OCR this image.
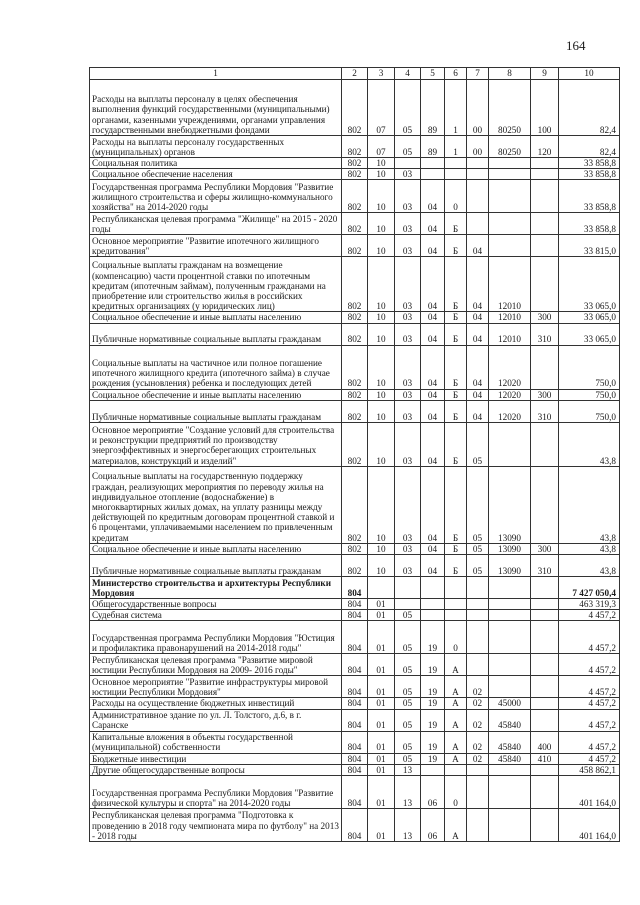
164
1	2	3	4	5	6	7	8	9	10
Расходы на выплаты персоналу в целях обеспечения выполнения функций государственными (муниципальными) органами, казенными учреждениями, органами управления государственными внебюджетными фондами	802	07	05	89	1	00	80250	100	82,4
Расходы на выплаты персоналу государственных (муниципальных) органов	802	07	05	89	1	00	80250	120	82,4
Социальная политика	802	10							33 858,8
Социальное обеспечение населения	802	10	03						33 858,8
Государственная программа Республики Мордовия "Развитие жилищного строительства и сферы жилищно-коммунального хозяйства" на 2014-2020 годы	802	10	03	04	0				33 858,8
Республиканская целевая программа "Жилище" на 2015 - 2020 годы	802	10	03	04	Б				33 858,8
Основное мероприятие "Развитие ипотечного жилищного кредитования"	802	10	03	04	Б	04			33 815,0
Социальные выплаты гражданам на возмещение (компенсацию) части процентной ставки по ипотечным кредитам (ипотечным займам), полученным гражданами на приобретение или строительство жилья в российских кредитных организациях (у юридических лиц)	802	10	03	04	Б	04	12010		33 065,0
Социальное обеспечение и иные выплаты населению	802	10	03	04	Б	04	12010	300	33 065,0
Публичные нормативные социальные выплаты гражданам	802	10	03	04	Б	04	12010	310	33 065,0
Социальные выплаты на частичное или полное погашение ипотечного жилищного кредита (ипотечного займа) в случае рождения (усыновления) ребенка и последующих детей	802	10	03	04	Б	04	12020		750,0
Социальное обеспечение и иные выплаты населению	802	10	03	04	Б	04	12020	300	750,0
Публичные нормативные социальные выплаты гражданам	802	10	03	04	Б	04	12020	310	750,0
Основное мероприятие "Создание условий для строительства и реконструкции предприятий по производству энергоэффективных и энергосберегающих строительных материалов, конструкций и изделий"	802	10	03	04	Б	05			43,8
Социальные выплаты на государственную поддержку граждан, реализующих мероприятия по переводу жилья на индивидуальное отопление (водоснабжение) в многоквартирных жилых домах, на уплату разницы между действующей по кредитным договорам процентной ставкой и 6 процентами, уплачиваемыми населением по привлеченным кредитам	802	10	03	04	Б	05	13090		43,8
Социальное обеспечение и иные выплаты населению	802	10	03	04	Б	05	13090	300	43,8
Публичные нормативные социальные выплаты гражданам	802	10	03	04	Б	05	13090	310	43,8
Министерство строительства и архитектуры Республики Мордовия	804								7 427 050,4
Общегосударственные вопросы	804	01							463 319,3
Судебная система	804	01	05						4 457,2
Государственная программа Республики Мордовия "Юстиция и профилактика правонарушений на 2014-2018 годы"	804	01	05	19	0				4 457,2
Республиканская целевая программа "Развитие мировой юстиции Республики Мордовия на 2009- 2016 годы"	804	01	05	19	А				4 457,2
Основное мероприятие "Развитие инфраструктуры мировой юстиции Республики Мордовия"	804	01	05	19	А	02			4 457,2
Расходы на осуществление бюджетных инвестиций	804	01	05	19	А	02	45000		4 457,2
Административное здание по ул. Л. Толстого, д.6, в г. Саранске	804	01	05	19	А	02	45840		4 457,2
Капитальные вложения в объекты государственной (муниципальной) собственности	804	01	05	19	А	02	45840	400	4 457,2
Бюджетные инвестиции	804	01	05	19	А	02	45840	410	4 457,2
Другие общегосударственные вопросы	804	01	13						458 862,1
Государственная программа Республики Мордовия "Развитие физической культуры и спорта" на 2014-2020 годы	804	01	13	06	0				401 164,0
Республиканская целевая программа "Подготовка к проведению в 2018 году чемпионата мира по футболу" на 2013 - 2018 годы	804	01	13	06	А				401 164,0
